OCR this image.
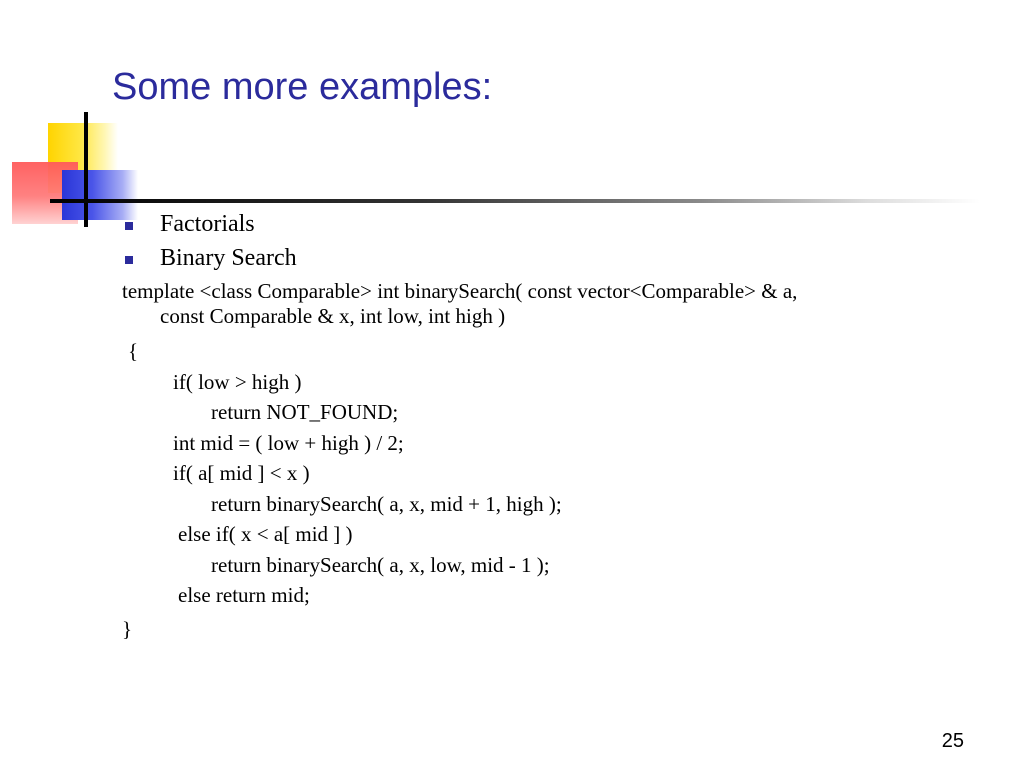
Some more examples:
Factorials
Binary Search
template <class Comparable> int binarySearch( const vector<Comparable> & a,
const Comparable & x, int low, int high )
{
if( low > high )
return NOT_FOUND;
int mid = ( low + high ) / 2;
if( a[ mid ] < x )
return binarySearch( a, x, mid + 1, high );
else if( x < a[ mid ] )
return binarySearch( a, x, low, mid - 1 );
else return mid;
}
25
